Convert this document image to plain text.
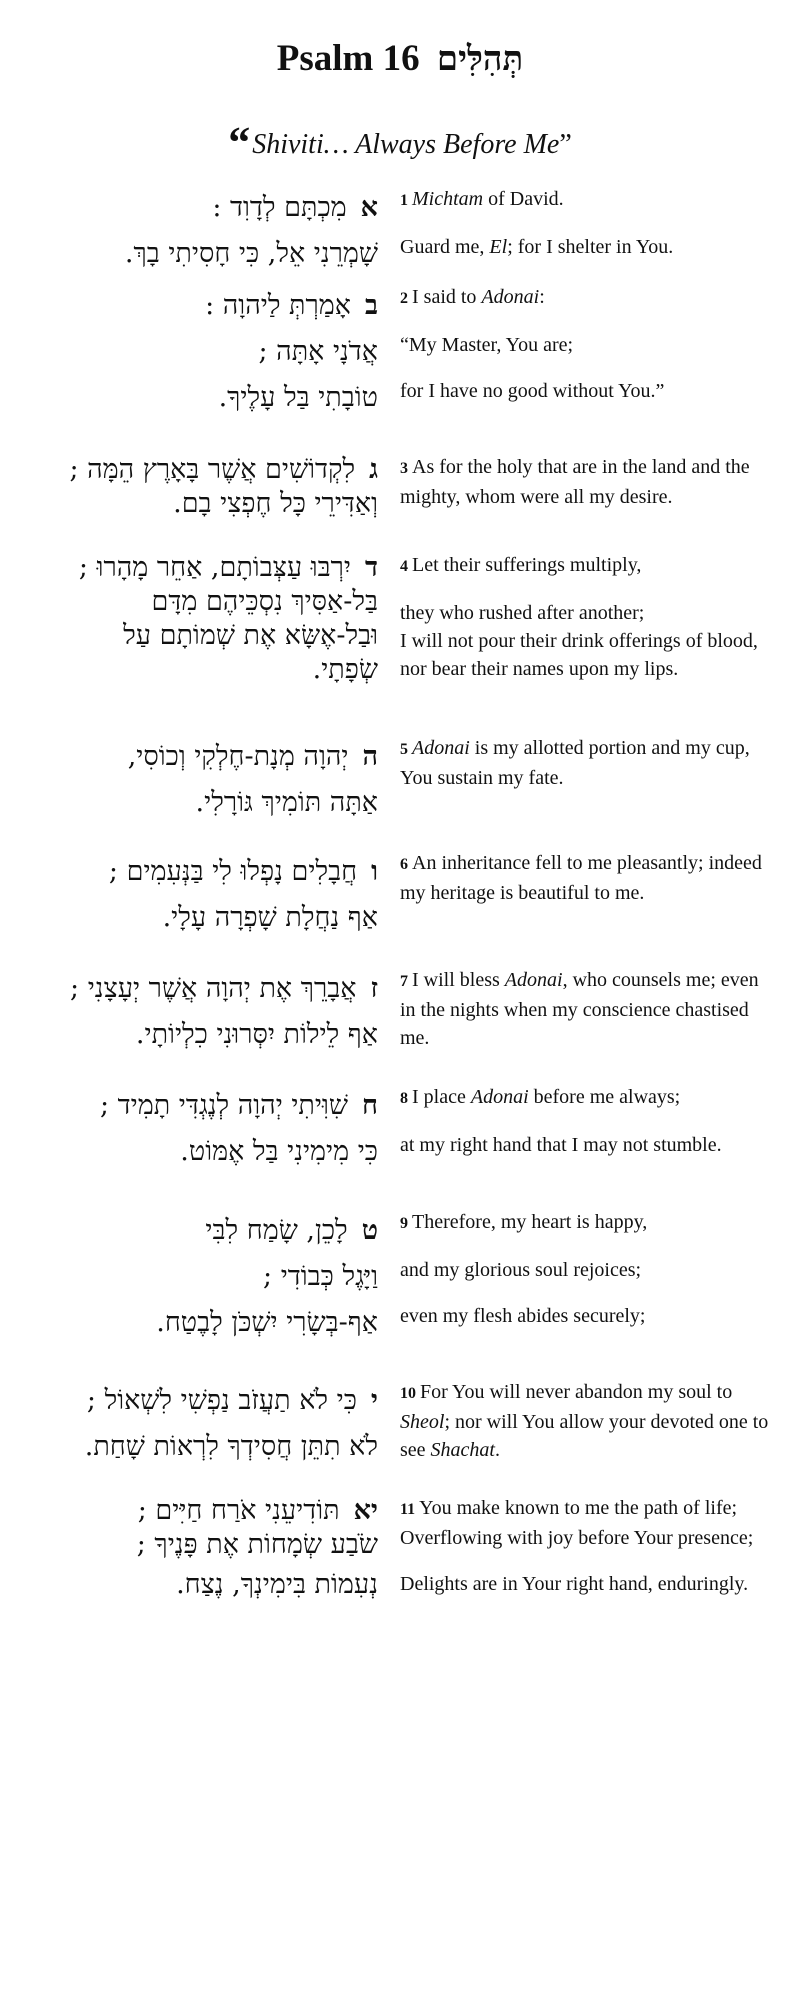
Psalm 16 תְּהִלִּים
“Shiviti… Always Before Me”
אמִכְתָּם לְדָוִד :
שָׁמְרֵנִי אֵל, כִּי חָסִיתִי בָךְ.
1 Michtam of David.
Guard me, El; for I shelter in You.
באָמַרְתְּ לַיהוָה :
אֲדֹנָי אָתָּה ;
טוֹבָתִי בַּל עָלֶיךָ.
2 I said to Adonai:
“My Master, You are;
for I have no good without You.”
גלִקְדוֹשִׁים אֲשֶׁר בָּאָרֶץ הֵמָּה ;
וְאַדִּירֵי כָּל חֶפְצִי בָם.
3 As for the holy that are in the land and the mighty, whom were all my desire.
דיִרְבּוּ עַצְּבוֹתָם, אַחֵר מָהָרוּ ;
בַּל-אַסִּיךְ נִסְכֵּיהֶם מִדָּם
וּבַל-אֶשָּׂא אֶת שְׁמוֹתָם עַל
שְׂפָתָי.
4 Let their sufferings multiply,
they who rushed after another;
I will not pour their drink offerings of blood, nor bear their names upon my lips.
היְהוָה מְנָת-חֶלְקִי וְכוֹסִי,
אַתָּה תּוֹמִיךְ גּוֹרָלִי.
5 Adonai is my allotted portion and my cup, You sustain my fate.
וחֲבָלִים נָפְלוּ לִי בַּנְּעִמִים ;
אַף נַחֲלָת שָׁפְרָה עָלָי.
6 An inheritance fell to me pleasantly; indeed my heritage is beautiful to me.
זאֲבָרֵךְ אֶת יְהוָה אֲשֶׁר יְעָצָנִי ;
אַף לֵילוֹת יִסְּרוּנִי כִלְיוֹתָי.
7 I will bless Adonai, who counsels me; even in the nights when my conscience chastised me.
חשִׁוִּיתִי יְהוָה לְנֶגְדִּי תָמִיד ;
כִּי מִימִינִי בַּל אֶמּוֹט.
8 I place Adonai before me always;
at my right hand that I may not stumble.
טלָכֵן, שָׂמַח לִבִּי
וַיָּגֶל כְּבוֹדִי ;
אַף-בְּשָׂרִי יִשְׁכֹּן לָבֶטַח.
9 Therefore, my heart is happy,
and my glorious soul rejoices;
even my flesh abides securely;
יכִּי לֹא תַעֲזֹב נַפְשִׁי לִשְׁאוֹל ;
לֹא תִתֵּן חֲסִידְךָ לִרְאוֹת שָׁחַת.
10 For You will never abandon my soul to Sheol; nor will You allow your devoted one to see Shachat.
יאתּוֹדִיעֵנִי אֹרַח חַיִּים ;
שֹׂבַע שְׂמָחוֹת אֶת פָּנֶיךָ ;
נְעִמוֹת בִּימִינְךָ, נֶצַח.
11 You make known to me the path of life;
Overflowing with joy before Your presence;
Delights are in Your right hand, enduringly.
